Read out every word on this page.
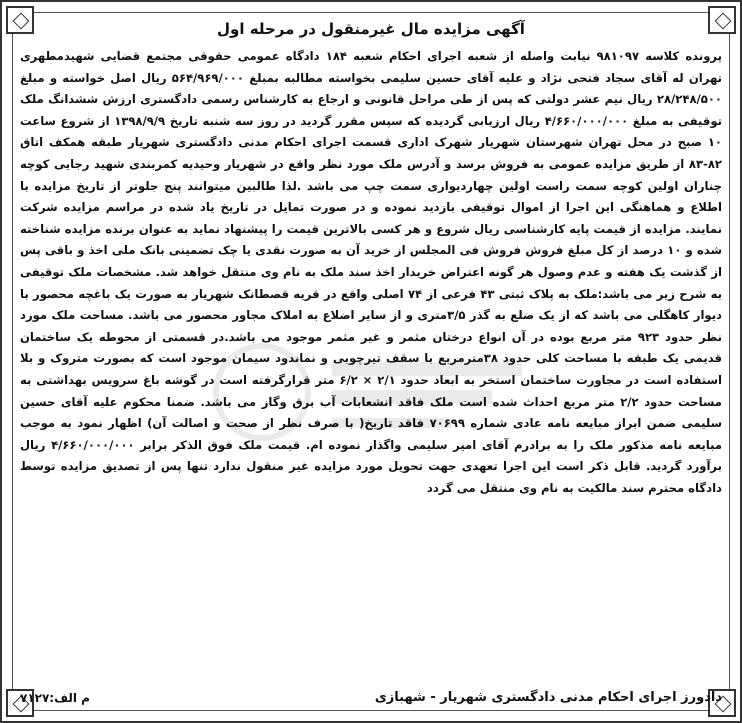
آگهی مزایده مال غیرمنقول در مرحله اول
پرونده کلاسه ۹۸۱۰۹۷ نیابت واصله از شعبه اجرای احکام شعبه ۱۸۴ دادگاه عمومی حقوقی مجتمع قضایی شهیدمطهری تهران له آقای سجاد فتحی نژاد و علیه آقای حسین سلیمی بخواسته مطالبه بمبلغ ۵۶۴/۹۶۹/۰۰۰ ریال اصل خواسته و مبلغ ۲۸/۲۴۸/۵۰۰ ریال نیم عشر دولتی که پس از طی مراحل قانونی و ارجاع به کارشناس رسمی دادگستری ارزش ششدانگ ملک توقیفی به مبلغ ۴/۶۶۰/۰۰۰/۰۰۰ ریال ارزیابی گردیده که سپس مقرر گردید در روز سه شنبه تاریخ ۱۳۹۸/۹/۹ از شروع ساعت ۱۰ صبح در محل تهران شهرستان شهریار شهرک اداری قسمت اجرای احکام مدنی دادگستری شهریار طبقه همکف اتاق ۸۲-۸۳ از طریق مزایده عمومی به فروش برسد و آدرس ملک مورد نظر واقع در شهریار وحیدیه کمربندی شهید رجایی کوچه چناران اولین کوچه سمت راست اولین چهاردیواری سمت چپ می باشد .لذا طالبین میتوانند پنج جلوتر از تاریخ مزایده با اطلاع و هماهنگی این اجرا از اموال توقیفی بازدید نموده و در صورت تمایل در تاریخ یاد شده در مراسم مزایده شرکت نمایند. مزایده از قیمت پایه کارشناسی ریال شروع و هر کسی بالاترین قیمت را پیشنهاد نماید به عنوان برنده مزایده شناخته شده و ۱۰ درصد از کل مبلغ فروش فروش فی المجلس از خرید آن به صورت نقدی یا چک تضمینی بانک ملی اخذ و باقی پس از گذشت یک هفته و عدم وصول هر گونه اعتراض خریدار اخذ سند ملک به نام وی منتقل خواهد شد. مشخصات ملک توقیفی به شرح زیر می باشد:ملک به پلاک ثبتی ۴۳ فرعی از ۷۴ اصلی واقع در قریه قصطانک شهریار به صورت یک باغچه محصور با دیوار کاهگلی می باشد که از یک ضلع به گذر ۳/۵متری و از سایر اضلاع به املاک مجاور محصور می باشد. مساحت ملک مورد نظر حدود ۹۲۳ متر مربع بوده در آن انواع درختان مثمر و غیر مثمر موجود می باشد.در قسمتی از محوطه یک ساختمان قدیمی یک طبقه با مساحت کلی حدود ۳۸مترمربع با سقف تیرچوبی و نماندود سیمان موجود است که بصورت متروک و بلا استفاده است در مجاورت ساختمان استخر به ابعاد حدود ۲/۱ × ۶/۲ متر قرارگرفته است در گوشه باغ سرویس بهداشتی به مساحت حدود ۲/۲ متر مربع احداث شده است ملک فاقد انشعابات آب برق وگاز می باشد. ضمنا محکوم علیه آقای حسین سلیمی ضمن ابراز مبایعه نامه عادی شماره ۷۰۶۹۹ فاقد تاریخ( با صرف نظر از صحت و اصالت آن) اظهار نمود به موجب مبایعه نامه مذکور ملک را به برادرم آقای امیر سلیمی واگذار نموده ام. قیمت ملک فوق الذکر برابر ۴/۶۶۰/۰۰۰/۰۰۰ ریال برآورد گردید. قابل ذکر است این اجرا تعهدی جهت تحویل مورد مزایده غیر منقول ندارد تنها پس از تصدیق مزایده توسط دادگاه محترم سند مالکیت به نام وی منتقل می گردد
دادورز اجرای احکام مدنی دادگستری شهریار - شهبازی
م الف:۷۱۲۷
